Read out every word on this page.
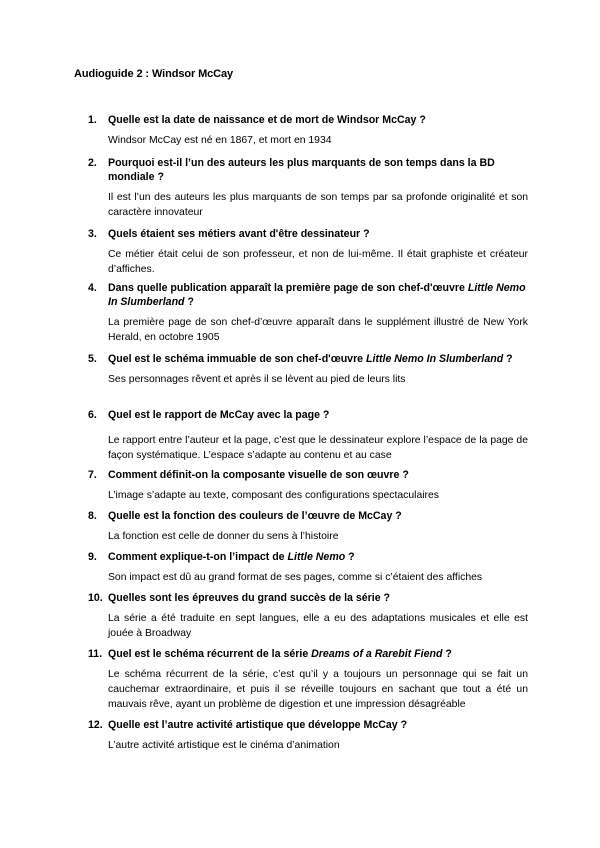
Audioguide 2 : Windsor McCay
1.	Quelle est la date de naissance et de mort de Windsor McCay ?
Windsor McCay est né en 1867, et mort en 1934
2.	Pourquoi est-il l’un des auteurs les plus marquants de son temps dans la BD mondiale ?
Il est l’un des auteurs les plus marquants de son temps par sa profonde originalité et son caractère innovateur
3.	Quels étaient ses métiers avant d'être dessinateur ?
Ce métier était celui de son professeur, et non de lui-même. Il était graphiste et créateur d’affiches.
4.	Dans quelle publication apparaît la première page de son chef-d'œuvre Little Nemo In Slumberland ?
La première page de son chef-d’œuvre apparaît dans le supplément illustré de New York Herald, en octobre 1905
5.	Quel est le schéma immuable de son chef-d'œuvre Little Nemo In Slumberland ?
Ses personnages rêvent et après il se lèvent au pied de leurs lits
6.	Quel est le rapport de McCay avec la page ?
Le rapport entre l’auteur et la page, c’est que le dessinateur explore l’espace de la page de façon systématique. L’espace s’adapte au contenu et au case
7.	Comment définit-on la composante visuelle de son œuvre ?
L’image s’adapte au texte, composant des configurations spectaculaires
8.	Quelle est la fonction des couleurs de l’œuvre de McCay ?
La fonction est celle de donner du sens à l’histoire
9.	Comment explique-t-on l’impact de Little Nemo ?
Son impact est dû au grand format de ses pages, comme si c’étaient des affiches
10. Quelles sont les épreuves du grand succès de la série ?
La série a été traduite en sept langues, elle a eu des adaptations musicales et elle est jouée à Broadway
11. Quel est le schéma récurrent de la série Dreams of a Rarebit Fiend ?
Le schéma récurrent de la série, c’est qu’il y a toujours un personnage qui se fait un cauchemar extraordinaire, et puis il se réveille toujours en sachant que tout a été un mauvais rêve, ayant un problème de digestion et une impression désagréable
12. Quelle est l’autre activité artistique que développe McCay ?
L’autre activité artistique est le cinéma d’animation
